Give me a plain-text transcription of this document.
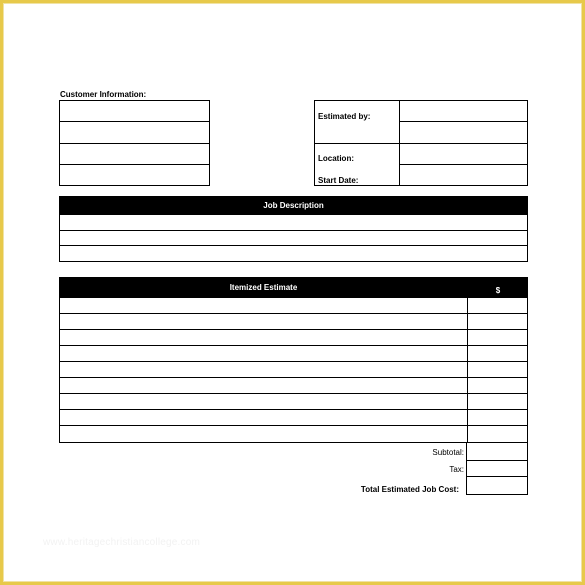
Customer Information:
Estimated by:
Location:
Start Date:
Job Description
Itemized Estimate	$
Subtotal:
Tax:
Total Estimated Job Cost:
www.heritagechristiancollege.com
